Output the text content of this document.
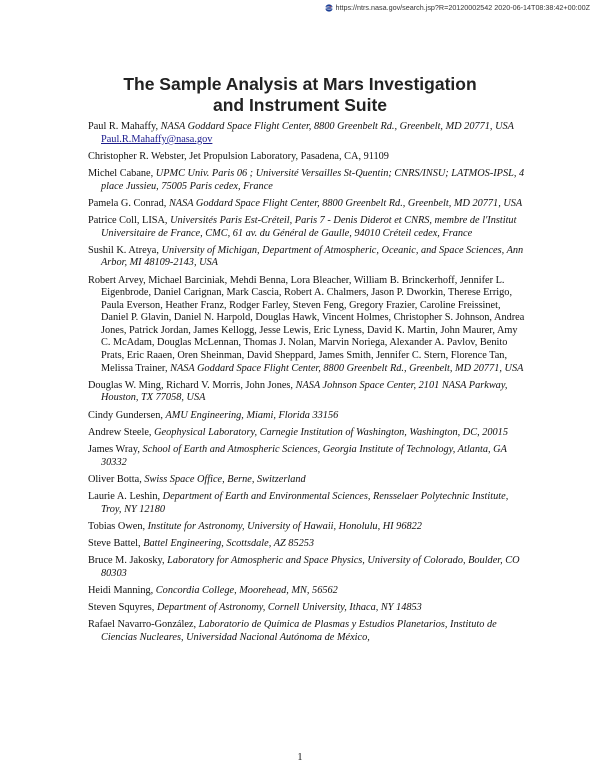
https://ntrs.nasa.gov/search.jsp?R=20120002542 2020-06-14T08:38:42+00:00Z
The Sample Analysis at Mars Investigation
and Instrument Suite
Paul R. Mahaffy, NASA Goddard Space Flight Center, 8800 Greenbelt Rd., Greenbelt, MD 20771, USA Paul.R.Mahaffy@nasa.gov
Christopher R. Webster, Jet Propulsion Laboratory, Pasadena, CA, 91109
Michel Cabane, UPMC Univ. Paris 06 ; Université Versailles St-Quentin; CNRS/INSU; LATMOS-IPSL, 4 place Jussieu, 75005 Paris cedex, France
Pamela G. Conrad, NASA Goddard Space Flight Center, 8800 Greenbelt Rd., Greenbelt, MD 20771, USA
Patrice Coll, LISA, Universités Paris Est-Créteil, Paris 7 - Denis Diderot et CNRS, membre de l'Institut Universitaire de France, CMC, 61 av. du Général de Gaulle, 94010 Créteil cedex, France
Sushil K. Atreya, University of Michigan, Department of Atmospheric, Oceanic, and Space Sciences, Ann Arbor, MI 48109-2143, USA
Robert Arvey, Michael Barciniak, Mehdi Benna, Lora Bleacher, William B. Brinckerhoff, Jennifer L. Eigenbrode, Daniel Carignan, Mark Cascia, Robert A. Chalmers, Jason P. Dworkin, Therese Errigo, Paula Everson, Heather Franz, Rodger Farley, Steven Feng, Gregory Frazier, Caroline Freissinet, Daniel P. Glavin, Daniel N. Harpold, Douglas Hawk, Vincent Holmes, Christopher S. Johnson, Andrea Jones, Patrick Jordan, James Kellogg, Jesse Lewis, Eric Lyness, David K. Martin, John Maurer, Amy C. McAdam, Douglas McLennan, Thomas J. Nolan, Marvin Noriega, Alexander A. Pavlov, Benito Prats, Eric Raaen, Oren Sheinman, David Sheppard, James Smith, Jennifer C. Stern, Florence Tan, Melissa Trainer, NASA Goddard Space Flight Center, 8800 Greenbelt Rd., Greenbelt, MD 20771, USA
Douglas W. Ming, Richard V. Morris, John Jones, NASA Johnson Space Center, 2101 NASA Parkway, Houston, TX 77058, USA
Cindy Gundersen, AMU Engineering, Miami, Florida 33156
Andrew Steele, Geophysical Laboratory, Carnegie Institution of Washington, Washington, DC, 20015
James Wray, School of Earth and Atmospheric Sciences, Georgia Institute of Technology, Atlanta, GA 30332
Oliver Botta, Swiss Space Office, Berne, Switzerland
Laurie A. Leshin, Department of Earth and Environmental Sciences, Rensselaer Polytechnic Institute, Troy, NY 12180
Tobias Owen, Institute for Astronomy, University of Hawaii, Honolulu, HI 96822
Steve Battel, Battel Engineering, Scottsdale, AZ 85253
Bruce M. Jakosky, Laboratory for Atmospheric and Space Physics, University of Colorado, Boulder, CO 80303
Heidi Manning, Concordia College, Moorehead, MN, 56562
Steven Squyres, Department of Astronomy, Cornell University, Ithaca, NY 14853
Rafael Navarro-González, Laboratorio de Química de Plasmas y Estudios Planetarios, Instituto de Ciencias Nucleares, Universidad Nacional Autónoma de México,
1
